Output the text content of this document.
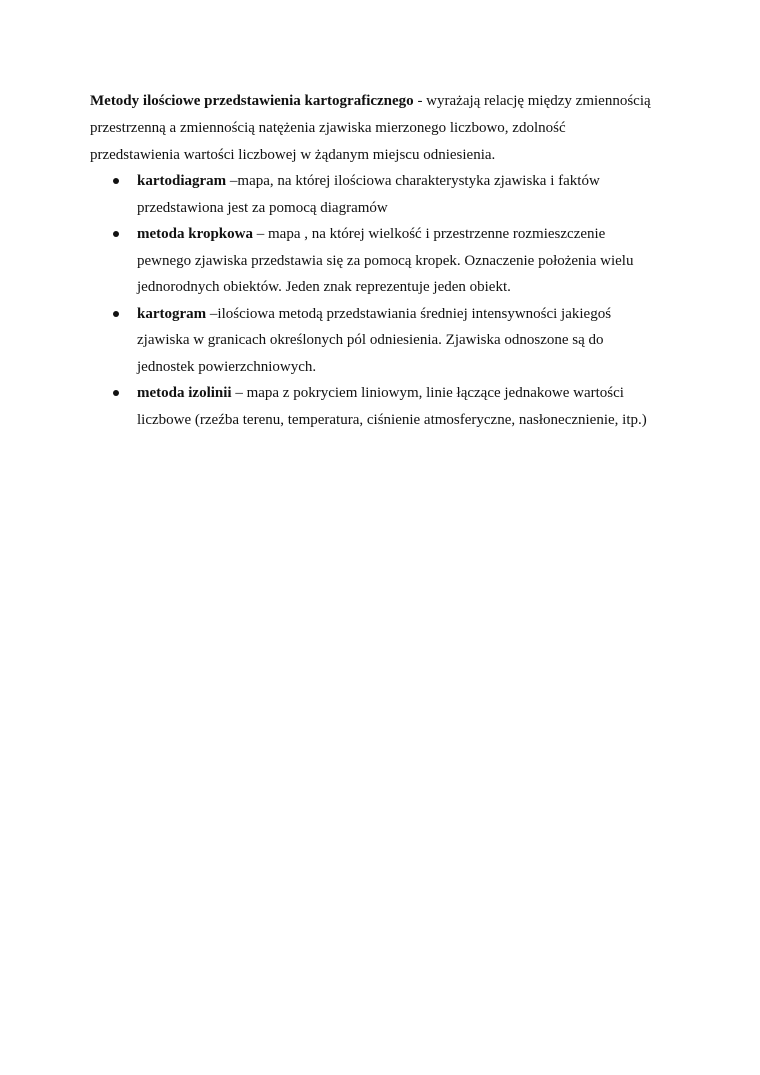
Metody ilościowe przedstawienia kartograficznego - wyrażają relację między zmiennością
przestrzenną a zmiennością natężenia zjawiska mierzonego liczbowo, zdolność
przedstawienia wartości liczbowej w żądanym miejscu odniesienia.

kartodiagram –mapa, na której ilościowa charakterystyka zjawiska i faktów
przedstawiona jest za pomocą diagramów
metoda kropkowa – mapa , na której wielkość i przestrzenne rozmieszczenie
pewnego zjawiska przedstawia się za pomocą kropek. Oznaczenie położenia wielu
jednorodnych obiektów. Jeden znak reprezentuje jeden obiekt.
kartogram –ilościowa metodą przedstawiania średniej intensywności jakiegoś
zjawiska w granicach określonych pól odniesienia. Zjawiska odnoszone są do
jednostek powierzchniowych.
metoda izolinii – mapa z pokryciem liniowym, linie łączące jednakowe wartości
liczbowe (rzeźba terenu, temperatura, ciśnienie atmosferyczne, nasłonecznienie, itp.)
